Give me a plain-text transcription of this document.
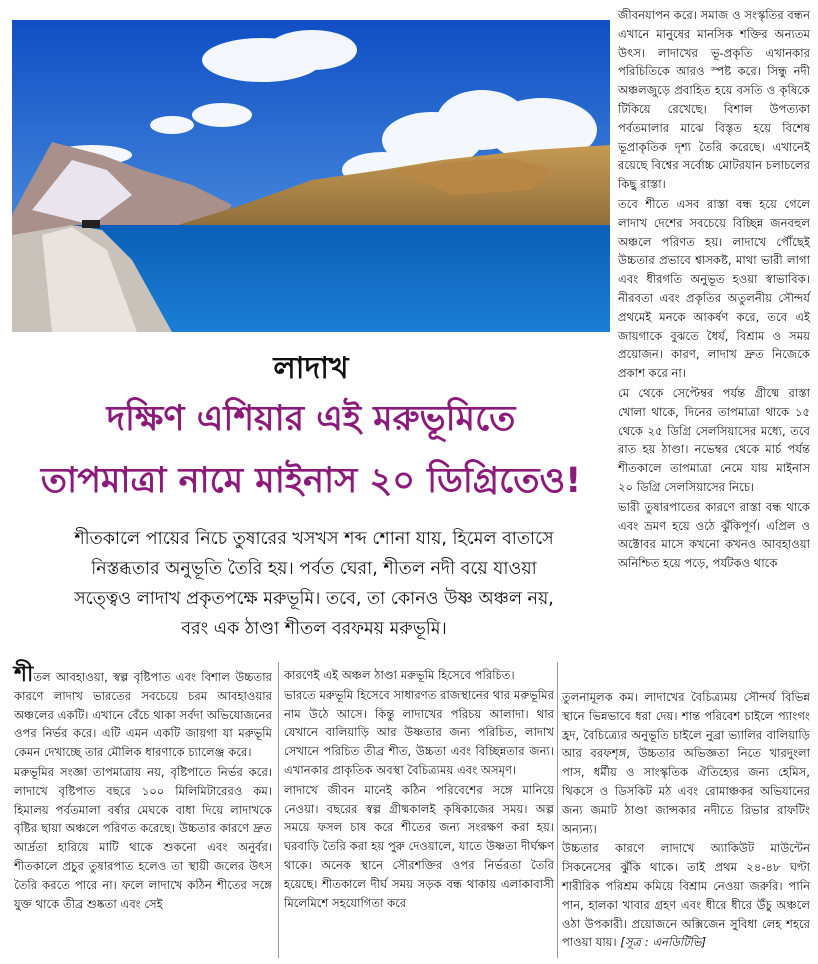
জীবনযাপন করে। সমাজ ও সংস্কৃতির বন্ধন এখানে মানুষের মানসিক শক্তির অন্যতম উৎস। লাদাখের ভূ-প্রকৃতি এখানকার পরিচিতিকে আরও স্পষ্ট করে। সিন্ধু নদী অঞ্চলজুড়ে প্রবাহিত হয়ে বসতি ও কৃষিকে টিকিয়ে রেখেছে। বিশাল উপত্যকা পর্বতমালার মাঝে বিস্তৃত হয়ে বিশেষ ভূপ্রাকৃতিক দৃশ্য তৈরি করেছে। এখানেই রয়েছে বিশ্বের সর্বোচ্চ মোটরযান চলাচলের কিছু রাস্তা।

তবে শীতে এসব রাস্তা বন্ধ হয়ে গেলে লাদাখ দেশের সবচেয়ে বিচ্ছিন্ন জনবহুল অঞ্চলে পরিণত হয়। লাদাখে পৌঁছেই উচ্চতার প্রভাবে শ্বাসকষ্ট, মাথা ভারী লাগা এবং ধীরগতি অনুভূত হওয়া স্বাভাবিক। নীরবতা এবং প্রকৃতির অতুলনীয় সৌন্দর্য প্রথমেই মনকে আকর্ষণ করে, তবে এই জায়গাকে বুঝতে ধৈর্য, বিশ্রাম ও সময় প্রয়োজন। কারণ, লাদাখ দ্রুত নিজেকে প্রকাশ করে না।

মে থেকে সেপ্টেম্বর পর্যন্ত গ্রীষ্মে রাস্তা খোলা থাকে, দিনের তাপমাত্রা থাকে ১৫ থেকে ২৫ ডিগ্রি সেলসিয়াসের মধ্যে, তবে রাত হয় ঠাণ্ডা। নভেম্বর থেকে মার্চ পর্যন্ত শীতকালে তাপমাত্রা নেমে যায় মাইনাস ২০ ডিগ্রি সেলসিয়াসের নিচে।

ভারী তুষারপাতের কারণে রাস্তা বন্ধ থাকে এবং ভ্রমণ হয়ে ওঠে ঝুঁকিপূর্ণ। এপ্রিল ও অক্টোবর মাসে কখনো কখনও আবহাওয়া অনিশ্চিত হয়ে পড়ে, পর্যটকও থাকে

লাদাখ
দক্ষিণ এশিয়ার এই মরুভূমিতে
তাপমাত্রা নামে মাইনাস ২০ ডিগ্রিতেও!
শীতকালে পায়ের নিচে তুষারের খসখস শব্দ শোনা যায়, হিমেল বাতাসে
নিস্তব্ধতার অনুভূতি তৈরি হয়। পর্বত ঘেরা, শীতল নদী বয়ে যাওয়া
সত্ত্বেও লাদাখ প্রকৃতপক্ষে মরুভূমি। তবে, তা কোনও উষ্ণ অঞ্চল নয়,
বরং এক ঠাণ্ডা শীতল বরফময় মরুভূমি।

শীতল আবহাওয়া, স্বল্প বৃষ্টিপাত এবং বিশাল উচ্চতার কারণে লাদাখ ভারতের সবচেয়ে চরম আবহাওয়ার অঞ্চলের একটি। এখানে বেঁচে থাকা সর্বদা অভিযোজনের ওপর নির্ভর করে। এটি এমন একটি জায়গা যা মরুভূমি কেমন দেখাচ্ছে তার মৌলিক ধারণাকে চ্যালেঞ্জ করে।

মরুভূমির সংজ্ঞা তাপমাত্রায় নয়, বৃষ্টিপাতে নির্ভর করে। লাদাখে বৃষ্টিপাত বছরে ১০০ মিলিমিটারেরও কম। হিমালয় পর্বতমালা বর্ষার মেঘকে বাধা দিয়ে লাদাখকে বৃষ্টির ছায়া অঞ্চলে পরিণত করেছে। উচ্চতার কারণে দ্রুত আর্দ্রতা হারিয়ে মাটি থাকে শুকনো এবং অনুর্বর। শীতকালে প্রচুর তুষারপাত হলেও তা স্থায়ী জলের উৎস তৈরি করতে পারে না। ফলে লাদাখে কঠিন শীতের সঙ্গে যুক্ত থাকে তীব্র শুষ্কতা এবং সেই

কারণেই এই অঞ্চল ঠাণ্ডা মরুভূমি হিসেবে পরিচিত।

ভারতে মরুভূমি হিসেবে সাধারণত রাজস্থানের থার মরুভূমির নাম উঠে আসে। কিন্তু লাদাখের পরিচয় আলাদা। থার যেখানে বালিয়াড়ি আর উষ্ণতার জন্য পরিচিত, লাদাখ সেখানে পরিচিত তীব্র শীত, উচ্চতা এবং বিচ্ছিন্নতার জন্য। এখানকার প্রাকৃতিক অবস্থা বৈচিত্র্যময় এবং অসমৃণ।

লাদাখে জীবন মানেই কঠিন পরিবেশের সঙ্গে মানিয়ে নেওয়া। বছরের স্বল্প গ্রীষ্মকালই কৃষিকাজের সময়। অল্প সময়ে ফসল চাষ করে শীতের জন্য সংরক্ষণ করা হয়। ঘরবাড়ি তৈরি করা হয় পুরু দেওয়ালে, যাতে উষ্ণতা দীর্ঘক্ষণ থাকে। অনেক স্থানে সৌরশক্তির ওপর নির্ভরতা তৈরি হয়েছে। শীতকালে দীর্ঘ সময় সড়ক বন্ধ থাকায় এলাকাবাসী মিলেমিশে সহযোগিতা করে

তুলনামূলক কম। লাদাখের বৈচিত্র্যময় সৌন্দর্য বিভিন্ন স্থানে ভিন্নভাবে ধরা দেয়। শান্ত পরিবেশ চাইলে প্যাংগং হ্রদ, বৈচিত্র্যের অনুভূতি চাইলে নুব্রা ভ্যালির বালিয়াড়ি আর বরফশৃঙ্গ, উচ্চতার অভিজ্ঞতা নিতে খারদুংলা পাস, ধর্মীয় ও সাংস্কৃতিক ঐতিহ্যের জন্য হেমিস, থিকসে ও ডিসকিট মঠ এবং রোমাঞ্চকর অভিযানের জন্য জমাট ঠাণ্ডা জান্সকার নদীতে রিভার রাফটিং অন্যন্য।

উচ্চতার কারণে লাদাখে অ্যাকিউট মাউন্টেন সিকনেসের ঝুঁকি থাকে। তাই প্রথম ২৪-৪৮ ঘণ্টা শারীরিক পরিশ্রম কমিয়ে বিশ্রাম নেওয়া জরুরি। পানি পান, হালকা খাবার গ্রহণ এবং ধীরে ধীরে উঁচু অঞ্চলে ওঠা উপকারী। প্রয়োজনে অক্সিজেন সুবিধা লেহ শহরে পাওয়া যায়। [সূত্র : এনডিটিভি]
